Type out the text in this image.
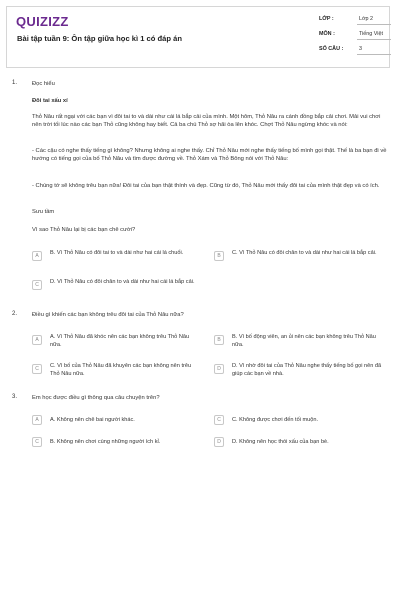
QUIZIZZ
Bài tập tuần 9: Ôn tập giữa học kì 1 có đáp án
LỚP :	Lớp 2
MÔN :	Tiếng Việt
SỐ CÂU :	3
1.	Đọc hiểu
Đôi tai xấu xí
Thỏ Nâu rất ngại với các bạn vì đôi tai to và dài như cái lá bắp cải của mình. Một hôm, Thỏ Nâu ra cánh đồng bắp cải chơi. Mải vui chơi nên trời tối lúc nào các bạn Thỏ cũng không hay biết. Cả ba chú Thỏ sợ hãi òa lên khóc. Chợt Thỏ Nâu ngừng khóc và nói:
- Các cậu có nghe thấy tiếng gì không? Nhưng không ai nghe thấy. Chỉ Thỏ Nâu mới nghe thấy tiếng bố mình gọi thật. Thế là ba bạn đi về hướng có tiếng gọi của bố Thỏ Nâu và tìm được đường về. Thỏ Xám và Thỏ Bông nói với Thỏ Nâu:
- Chúng tớ sẽ không trêu bạn nữa! Đôi tai của bạn thật thính và đẹp. Cũng từ đó, Thỏ Nâu mới thấy đôi tai của mình thật đẹp và có ích.
Sưu tầm
Vì sao Thỏ Nâu lại bị các bạn chê cười?
A	B. Vì Thỏ Nâu có đôi tai to và dài như hai cái lá chuối.	B	C. Vì Thỏ Nâu có đôi chân to và dài như hai cái lá bắp cải.
C	D. Vì Thỏ Nâu có đôi chân to và dài như hai cái lá bắp cải.
2.	Điều gì khiến các bạn không trêu đôi tai của Thỏ Nâu nữa?
A	A. Vì Thỏ Nâu đã khóc nên các bạn không trêu Thỏ Nâu nữa.
B	B. Vì bố động viên, an ủi nên các bạn không trêu Thỏ Nâu nữa.
C	C. Vì bố của Thỏ Nâu đã khuyên các bạn không nên trêu Thỏ Nâu nữa.
D	D. Vì nhờ đôi tai của Thỏ Nâu nghe thấy tiếng bố gọi nên đã giúp các bạn về nhà.
3.	Em học được điều gì thông qua câu chuyện trên?
A	A. Không nên chê bai người khác.	C	C. Không được chơi đến tối muộn.
C	B. Không nên chơi cùng những người ích kỉ.	D	D. Không nên học thói xấu của bạn bè.
